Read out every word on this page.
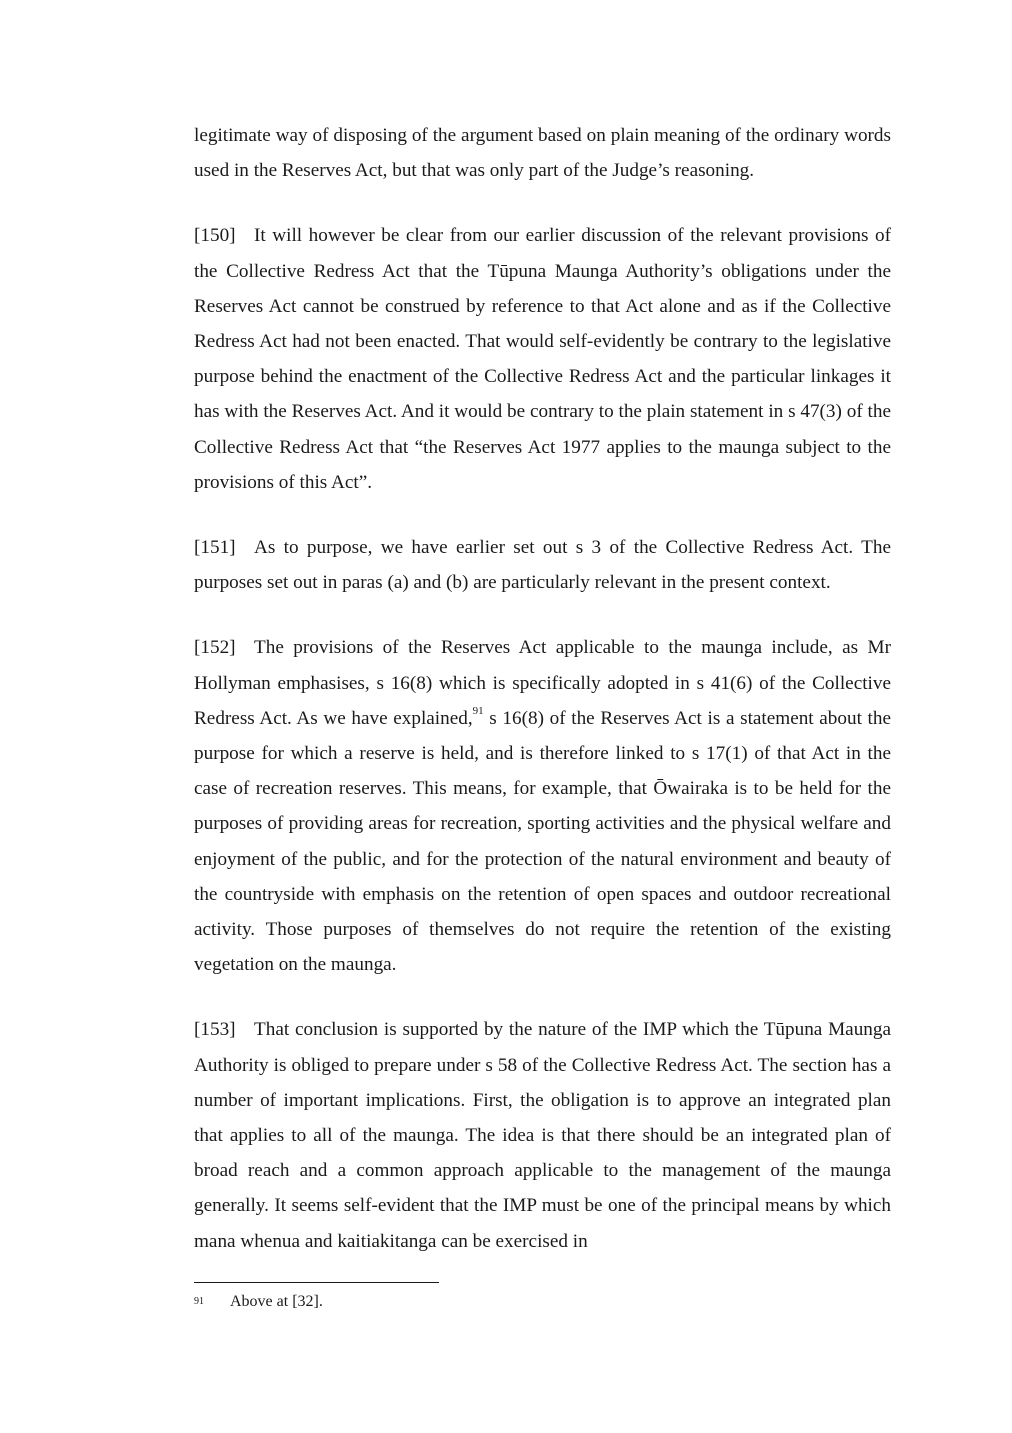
legitimate way of disposing of the argument based on plain meaning of the ordinary words used in the Reserves Act, but that was only part of the Judge’s reasoning.

[150] It will however be clear from our earlier discussion of the relevant provisions of the Collective Redress Act that the Tūpuna Maunga Authority’s obligations under the Reserves Act cannot be construed by reference to that Act alone and as if the Collective Redress Act had not been enacted. That would self-evidently be contrary to the legislative purpose behind the enactment of the Collective Redress Act and the particular linkages it has with the Reserves Act. And it would be contrary to the plain statement in s 47(3) of the Collective Redress Act that “the Reserves Act 1977 applies to the maunga subject to the provisions of this Act”.

[151] As to purpose, we have earlier set out s 3 of the Collective Redress Act. The purposes set out in paras (a) and (b) are particularly relevant in the present context.

[152] The provisions of the Reserves Act applicable to the maunga include, as Mr Hollyman emphasises, s 16(8) which is specifically adopted in s 41(6) of the Collective Redress Act. As we have explained,$^{91}$ s 16(8) of the Reserves Act is a statement about the purpose for which a reserve is held, and is therefore linked to s 17(1) of that Act in the case of recreation reserves. This means, for example, that Ōwairaka is to be held for the purposes of providing areas for recreation, sporting activities and the physical welfare and enjoyment of the public, and for the protection of the natural environment and beauty of the countryside with emphasis on the retention of open spaces and outdoor recreational activity. Those purposes of themselves do not require the retention of the existing vegetation on the maunga.

[153] That conclusion is supported by the nature of the IMP which the Tūpuna Maunga Authority is obliged to prepare under s 58 of the Collective Redress Act. The section has a number of important implications. First, the obligation is to approve an integrated plan that applies to all of the maunga. The idea is that there should be an integrated plan of broad reach and a common approach applicable to the management of the maunga generally. It seems self-evident that the IMP must be one of the principal means by which mana whenua and kaitiakitanga can be exercised in

91 Above at [32].
